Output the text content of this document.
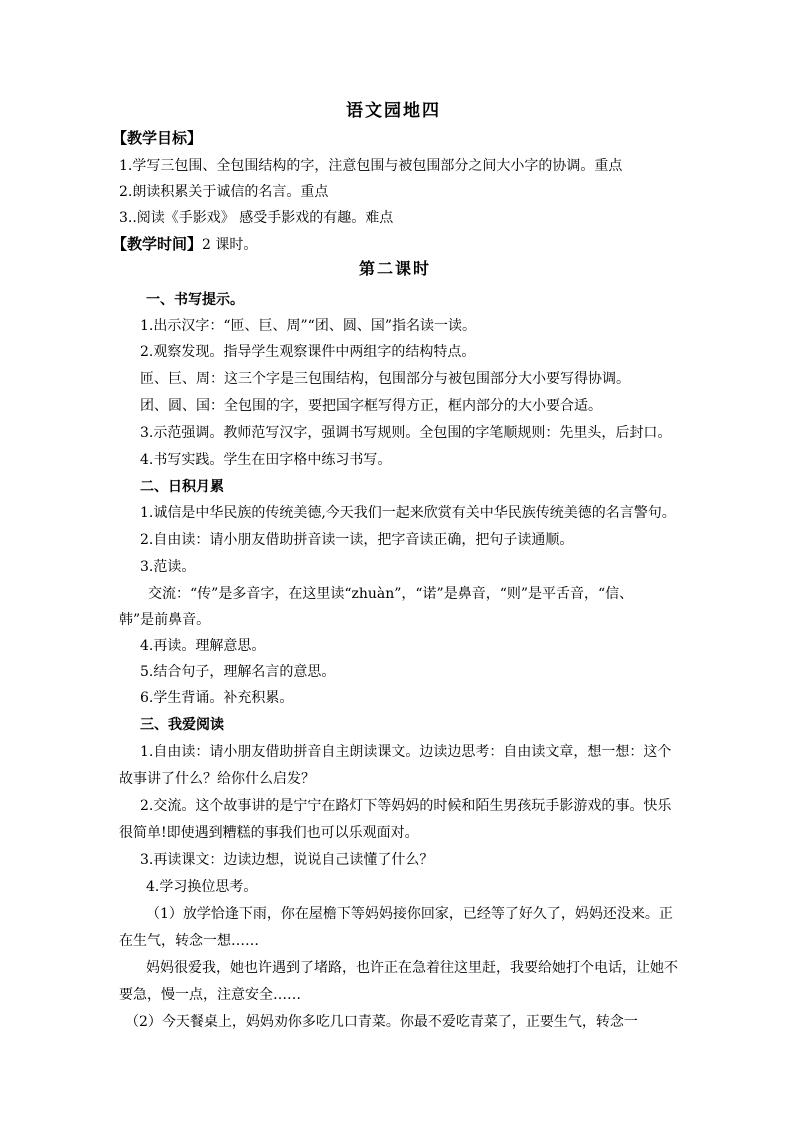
语文园地四
【教学目标】
1.学写三包围、全包围结构的字，注意包围与被包围部分之间大小字的协调。重点
2.朗读积累关于诚信的名言。重点
3..阅读《手影戏》 感受手影戏的有趣。难点
【教学时间】2 课时。
第二课时
一、书写提示。
1.出示汉字：“匝、巨、周”“团、圆、国”指名读一读。
2.观察发现。指导学生观察课件中两组字的结构特点。
匝、巨、周：这三个字是三包围结构，包围部分与被包围部分大小要写得协调。
团、圆、国：全包围的字，要把国字框写得方正，框内部分的大小要合适。
3.示范强调。教师范写汉字，强调书写规则。全包围的字笔顺规则：先里头，后封口。
4.书写实践。学生在田字格中练习书写。
二、日积月累
1.诚信是中华民族的传统美德,今天我们一起来欣赏有关中华民族传统美德的名言警句。
2.自由读：请小朋友借助拼音读一读，把字音读正确，把句子读通顺。
3.范读。
交流：“传”是多音字，在这里读“zhuàn”，“诺”是鼻音，“则”是平舌音，“信、
韩”是前鼻音。
4.再读。理解意思。
5.结合句子，理解名言的意思。
6.学生背诵。补充积累。
三、我爱阅读
1.自由读：请小朋友借助拼音自主朗读课文。边读边思考：自由读文章，想一想：这个
故事讲了什么？给你什么启发？
2.交流。这个故事讲的是宁宁在路灯下等妈妈的时候和陌生男孩玩手影游戏的事。快乐
很简单!即使遇到糟糕的事我们也可以乐观面对。
3.再读课文：边读边想，说说自己读懂了什么？
4.学习换位思考。
（1）放学恰逢下雨，你在屋檐下等妈妈接你回家，已经等了好久了，妈妈还没来。正
在生气，转念一想……
妈妈很爱我，她也许遇到了堵路，也许正在急着往这里赶，我要给她打个电话，让她不
要急，慢一点，注意安全……
（2）今天餐桌上，妈妈劝你多吃几口青菜。你最不爱吃青菜了，正要生气，转念一
